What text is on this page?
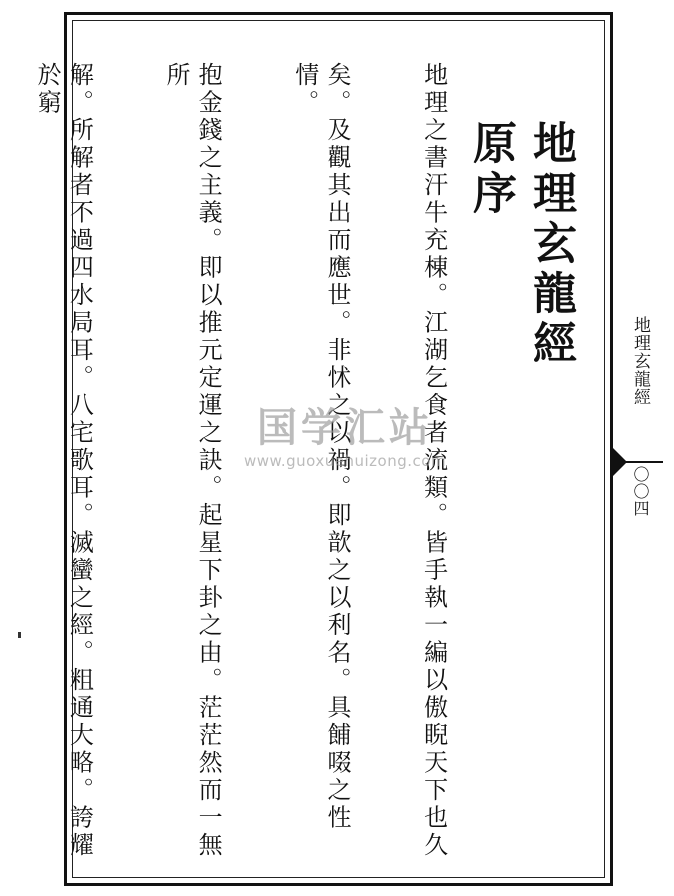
地理玄龍經原序

地理之書汗牛充棟。江湖乞食者流類。皆手執一編以傲睨天下也久

矣。及觀其出而應世。非怵之以禍。即歆之以利名。具餔啜之性情。

抱金錢之主義。即以推元定運之訣。起星下卦之由。茫茫然而一無所

解。所解者不過四水局耳。八宅歌耳。滅蠻之經。粗通大略。誇耀於窮

地理玄龍經
〇〇四
国学汇站
www.guoxuehuizong.com
